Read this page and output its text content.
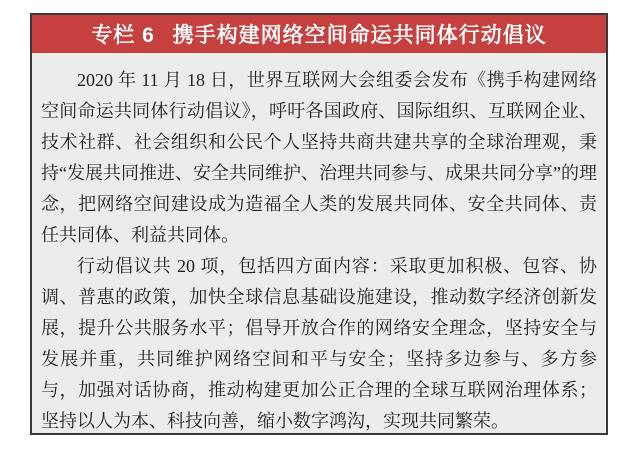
专栏 6 携手构建网络空间命运共同体行动倡议

2020 年 11 月 18 日，世界互联网大会组委会发布《携手构建网络空间命运共同体行动倡议》，呼吁各国政府、国际组织、互联网企业、技术社群、社会组织和公民个人坚持共商共建共享的全球治理观，秉持“发展共同推进、安全共同维护、治理共同参与、成果共同分享”的理念，把网络空间建设成为造福全人类的发展共同体、安全共同体、责任共同体、利益共同体。

行动倡议共 20 项，包括四方面内容：采取更加积极、包容、协调、普惠的政策，加快全球信息基础设施建设，推动数字经济创新发展，提升公共服务水平；倡导开放合作的网络安全理念，坚持安全与发展并重，共同维护网络空间和平与安全；坚持多边参与、多方参与，加强对话协商，推动构建更加公正合理的全球互联网治理体系；坚持以人为本、科技向善，缩小数字鸿沟，实现共同繁荣。
